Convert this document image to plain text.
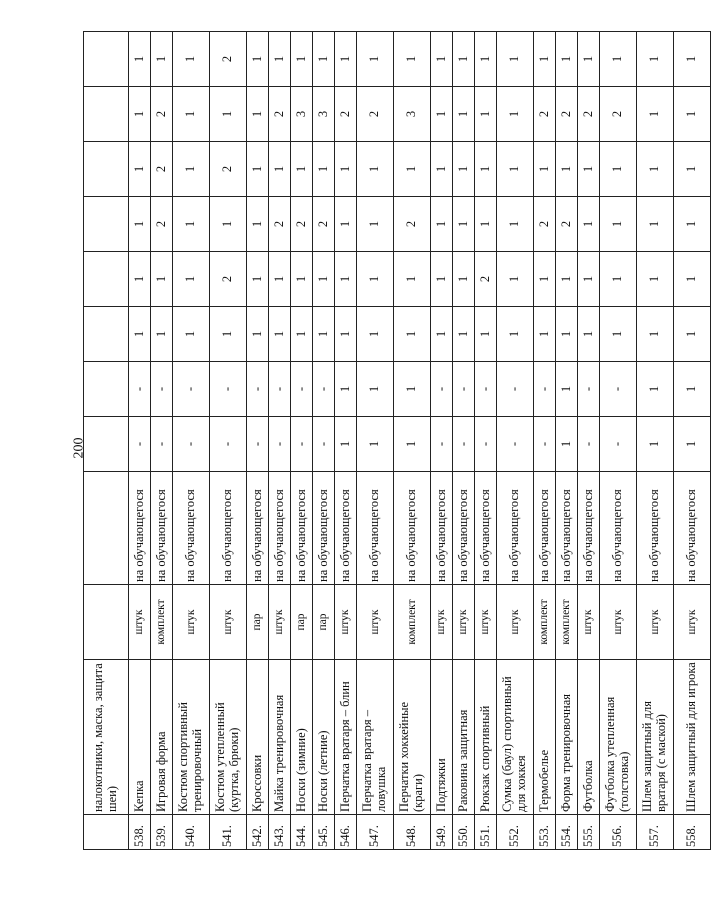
200
	налокотники, маска, защита шеи)										
538.	Кепка	штук	на обучающегося	-	-	1	1	1	1	1	1
539.	Игровая форма	комплект	на обучающегося	-	-	1	1	2	2	2	1
540.	Костюм спортивный тренировочный	штук	на обучающегося	-	-	1	1	1	1	1	1
541.	Костюм утепленный (куртка, брюки)	штук	на обучающегося	-	-	1	2	1	2	1	2
542.	Кроссовки	пар	на обучающегося	-	-	1	1	1	1	1	1
543.	Майка тренировочная	штук	на обучающегося	-	-	1	1	2	1	2	1
544.	Носки (зимние)	пар	на обучающегося	-	-	1	1	2	1	3	1
545.	Носки (летние)	пар	на обучающегося	-	-	1	1	2	1	3	1
546.	Перчатка вратаря – блин	штук	на обучающегося	1	1	1	1	1	1	2	1
547.	Перчатка вратаря – ловушка	штук	на обучающегося	1	1	1	1	1	1	2	1
548.	Перчатки хоккейные (краги)	комплект	на обучающегося	1	1	1	1	2	1	3	1
549.	Подтяжки	штук	на обучающегося	-	-	1	1	1	1	1	1
550.	Раковина защитная	штук	на обучающегося	-	-	1	1	1	1	1	1
551.	Рюкзак спортивный	штук	на обучающегося	-	-	1	2	1	1	1	1
552.	Сумка (баул) спортивный для хоккея	штук	на обучающегося	-	-	1	1	1	1	1	1
553.	Термобелье	комплект	на обучающегося	-	-	1	1	2	1	2	1
554.	Форма тренировочная	комплект	на обучающегося	1	1	1	1	2	1	2	1
555.	Футболка	штук	на обучающегося	-	-	1	1	1	1	2	1
556.	Футболка утепленная (толстовка)	штук	на обучающегося	-	-	1	1	1	1	2	1
557.	Шлем защитный для вратаря (с маской)	штук	на обучающегося	1	1	1	1	1	1	1	1
558.	Шлем защитный для игрока	штук	на обучающегося	1	1	1	1	1	1	1	1
